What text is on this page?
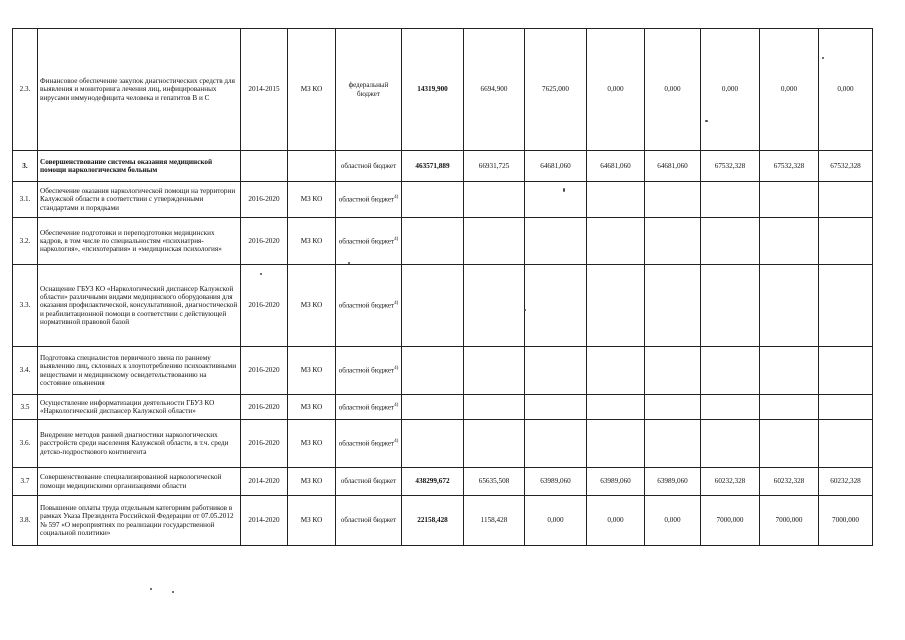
2.3.	Финансовое обеспечение закупок диагностических средств для выявления и мониторинга лечения лиц, инфицированных вирусами иммунодефицита человека и гепатитов В и С	2014-2015	МЗ КО	федеральный бюджет	14319,900	6694,900	7625,000	0,000	0,000	0,000	0,000	0,000
3.	Совершенствование системы оказания медицинской помощи наркологическим больным			областной бюджет	463571,889	66931,725	64681,060	64681,060	64681,060	67532,328	67532,328	67532,328
3.1.	Обеспечение оказания наркологической помощи на территории Калужской области в соответствии с утвержденными стандартами и порядками	2016-2020	МЗ КО	областной бюджет$^{4)}$								
3.2.	Обеспечение подготовки и переподготовки медицинских кадров, в том числе по специальностям «психиатрия-наркология», «психотерапия» и «медицинская психология»	2016-2020	МЗ КО	областной бюджет$^{4)}$								
3.3.	Оснащение ГБУЗ КО «Наркологический диспансер Калужской области» различными видами медицинского оборудования для оказания профилактической, консультативной, диагностической и реабилитационной помощи в соответствии с действующей нормативной правовой базой	2016-2020	МЗ КО	областной бюджет$^{4)}$								
3.4.	Подготовка специалистов первичного звена по раннему выявлению лиц, склонных к злоупотреблению психоактивными веществами и медицинскому освидетельствованию на состояние опьянения	2016-2020	МЗ КО	областной бюджет$^{4)}$								
3.5	Осуществление информатизации деятельности ГБУЗ КО «Наркологический диспансер Калужской области»	2016-2020	МЗ КО	областной бюджет$^{4)}$								
3.6.	Внедрение методов ранней диагностики наркологических расстройств среди населения Калужской области, в т.ч. среди детско-подросткового контингента	2016-2020	МЗ КО	областной бюджет$^{4)}$								
3.7	Совершенствование специализированной наркологической помощи медицинскими организациями области	2014-2020	МЗ КО	областной бюджет	438299,672	65635,508	63989,060	63989,060	63989,060	60232,328	60232,328	60232,328
3.8.	Повышение оплаты труда отдельным категориям работников в рамках Указа Президента Российской Федерации от 07.05.2012 № 597 «О мероприятиях по реализации государственной социальной политики»	2014-2020	МЗ КО	областной бюджет	22158,428	1158,428	0,000	0,000	0,000	7000,000	7000,000	7000,000
